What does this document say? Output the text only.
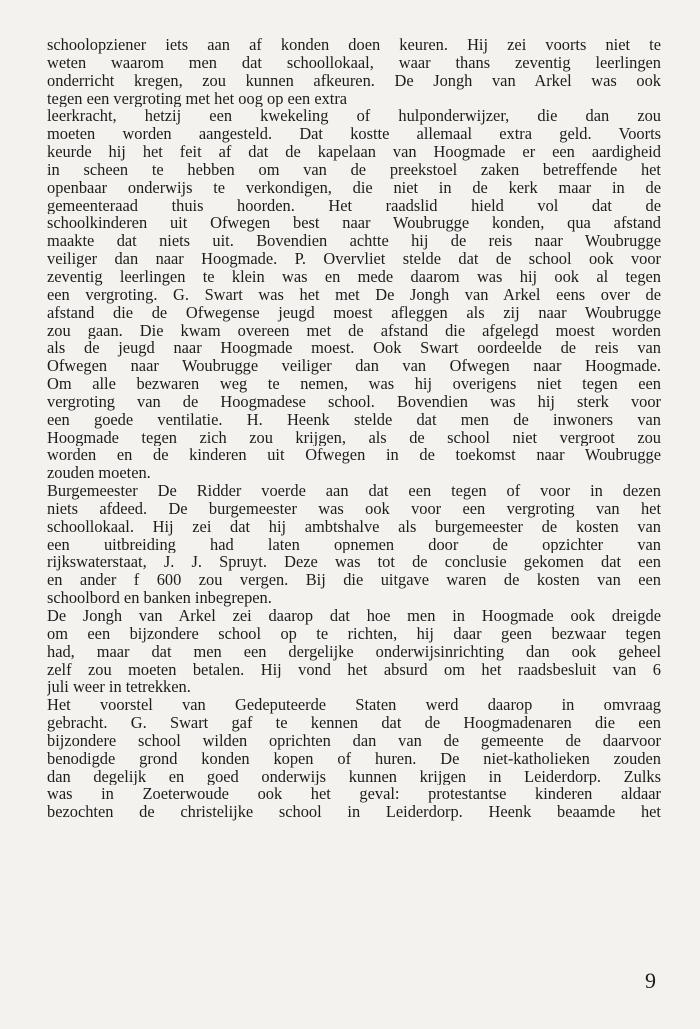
schoolopziener iets aan af konden doen keuren. Hij zei voorts niet te
weten waarom men dat schoollokaal, waar thans zeventig leerlingen
onderricht kregen, zou kunnen afkeuren. De Jongh van Arkel was ook
tegen een vergroting met het oog op een extra
leerkracht, hetzij een kwekeling of hulponderwijzer, die dan zou
moeten worden aangesteld. Dat kostte allemaal extra geld. Voorts
keurde hij het feit af dat de kapelaan van Hoogmade er een aardigheid
in scheen te hebben om van de preekstoel zaken betreffende het
openbaar onderwijs te verkondigen, die niet in de kerk maar in de
gemeenteraad thuis hoorden. Het raadslid hield vol dat de
schoolkinderen uit Ofwegen best naar Woubrugge konden, qua afstand
maakte dat niets uit. Bovendien achtte hij de reis naar Woubrugge
veiliger dan naar Hoogmade. P. Overvliet stelde dat de school ook voor
zeventig leerlingen te klein was en mede daarom was hij ook al tegen
een vergroting. G. Swart was het met De Jongh van Arkel eens over de
afstand die de Ofwegense jeugd moest afleggen als zij naar Woubrugge
zou gaan. Die kwam overeen met de afstand die afgelegd moest worden
als de jeugd naar Hoogmade moest. Ook Swart oordeelde de reis van
Ofwegen naar Woubrugge veiliger dan van Ofwegen naar Hoogmade.
Om alle bezwaren weg te nemen, was hij overigens niet tegen een
vergroting van de Hoogmadese school. Bovendien was hij sterk voor
een goede ventilatie. H. Heenk stelde dat men de inwoners van
Hoogmade tegen zich zou krijgen, als de school niet vergroot zou
worden en de kinderen uit Ofwegen in de toekomst naar Woubrugge
zouden moeten.
Burgemeester De Ridder voerde aan dat een tegen of voor in dezen
niets afdeed. De burgemeester was ook voor een vergroting van het
schoollokaal. Hij zei dat hij ambtshalve als burgemeester de kosten van
een uitbreiding had laten opnemen door de opzichter van
rijkswaterstaat, J. J. Spruyt. Deze was tot de conclusie gekomen dat een
en ander f 600 zou vergen. Bij die uitgave waren de kosten van een
schoolbord en banken inbegrepen.
De Jongh van Arkel zei daarop dat hoe men in Hoogmade ook dreigde
om een bijzondere school op te richten, hij daar geen bezwaar tegen
had, maar dat men een dergelijke onderwijsinrichting dan ook geheel
zelf zou moeten betalen. Hij vond het absurd om het raadsbesluit van 6
juli weer in tetrekken.
Het voorstel van Gedeputeerde Staten werd daarop in omvraag
gebracht. G. Swart gaf te kennen dat de Hoogmadenaren die een
bijzondere school wilden oprichten dan van de gemeente de daarvoor
benodigde grond konden kopen of huren. De niet-katholieken zouden
dan degelijk en goed onderwijs kunnen krijgen in Leiderdorp. Zulks
was in Zoeterwoude ook het geval: protestantse kinderen aldaar
bezochten de christelijke school in Leiderdorp. Heenk beaamde het
9
